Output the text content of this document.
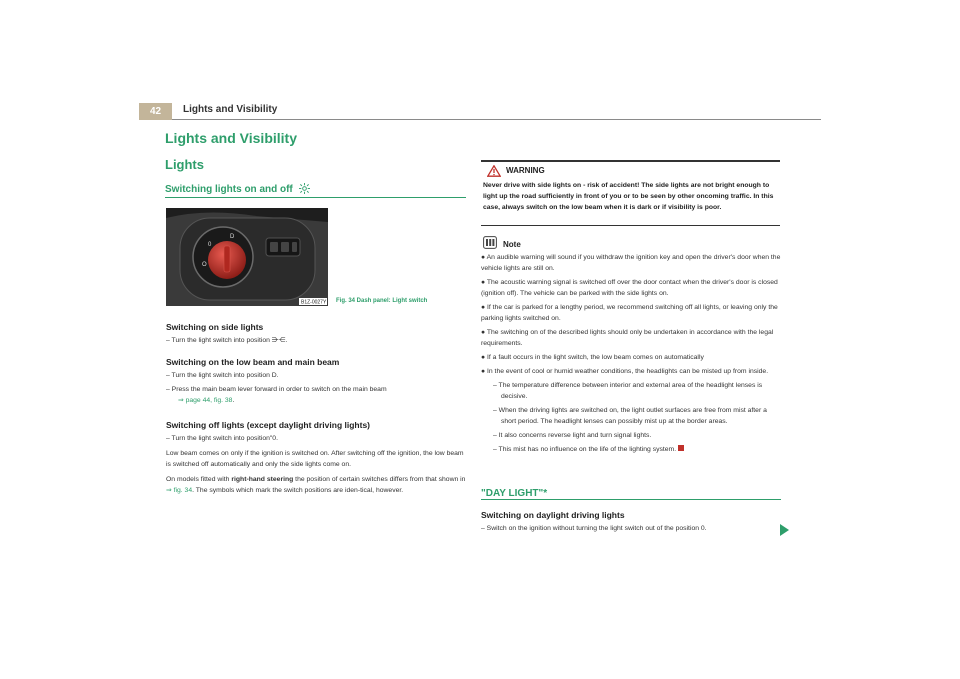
42	Lights and Visibility
Lights and Visibility
Lights
Switching lights on and off
B1Z-0027Y
0
D
O
Fig. 34 Dash panel: Light switch
Switching on side lights
– Turn the light switch into position ⋺⋲.
Switching on the low beam and main beam
– Turn the light switch into position D.
– Press the main beam lever forward in order to switch on the main beam
⇒ page 44, fig. 38.
Switching off lights (except daylight driving lights)
– Turn the light switch into position"0.
Low beam comes on only if the ignition is switched on. After switching off the ignition, the low beam is switched off automatically and only the side lights come on.
On models fitted with right-hand steering the position of certain switches differs from that shown in ⇒ fig. 34. The symbols which mark the switch positions are iden-tical, however.
WARNING
Never drive with side lights on - risk of accident! The side lights are not bright enough to light up the road sufficiently in front of you or to be seen by other oncoming traffic. In this case, always switch on the low beam when it is dark or if visibility is poor.
Note

● An audible warning will sound if you withdraw the ignition key and open the driver's door when the vehicle lights are still on.

● The acoustic warning signal is switched off over the door contact when the driver's door is closed (ignition off). The vehicle can be parked with the side lights on.

● If the car is parked for a lengthy period, we recommend switching off all lights, or leaving only the parking lights switched on.

● The switching on of the described lights should only be undertaken in accordance with the legal requirements.

● If a fault occurs in the light switch, the low beam comes on automatically

● In the event of cool or humid weather conditions, the headlights can be misted up from inside.

– The temperature difference between interior and external area of the headlight lenses is decisive.

– When the driving lights are switched on, the light outlet surfaces are free from mist after a short period. The headlight lenses can possibly mist up at the border areas.

– It also concerns reverse light and turn signal lights.

– This mist has no influence on the life of the lighting system.

"DAY LIGHT"*
Switching on daylight driving lights
– Switch on the ignition without turning the light switch out of the position 0.
